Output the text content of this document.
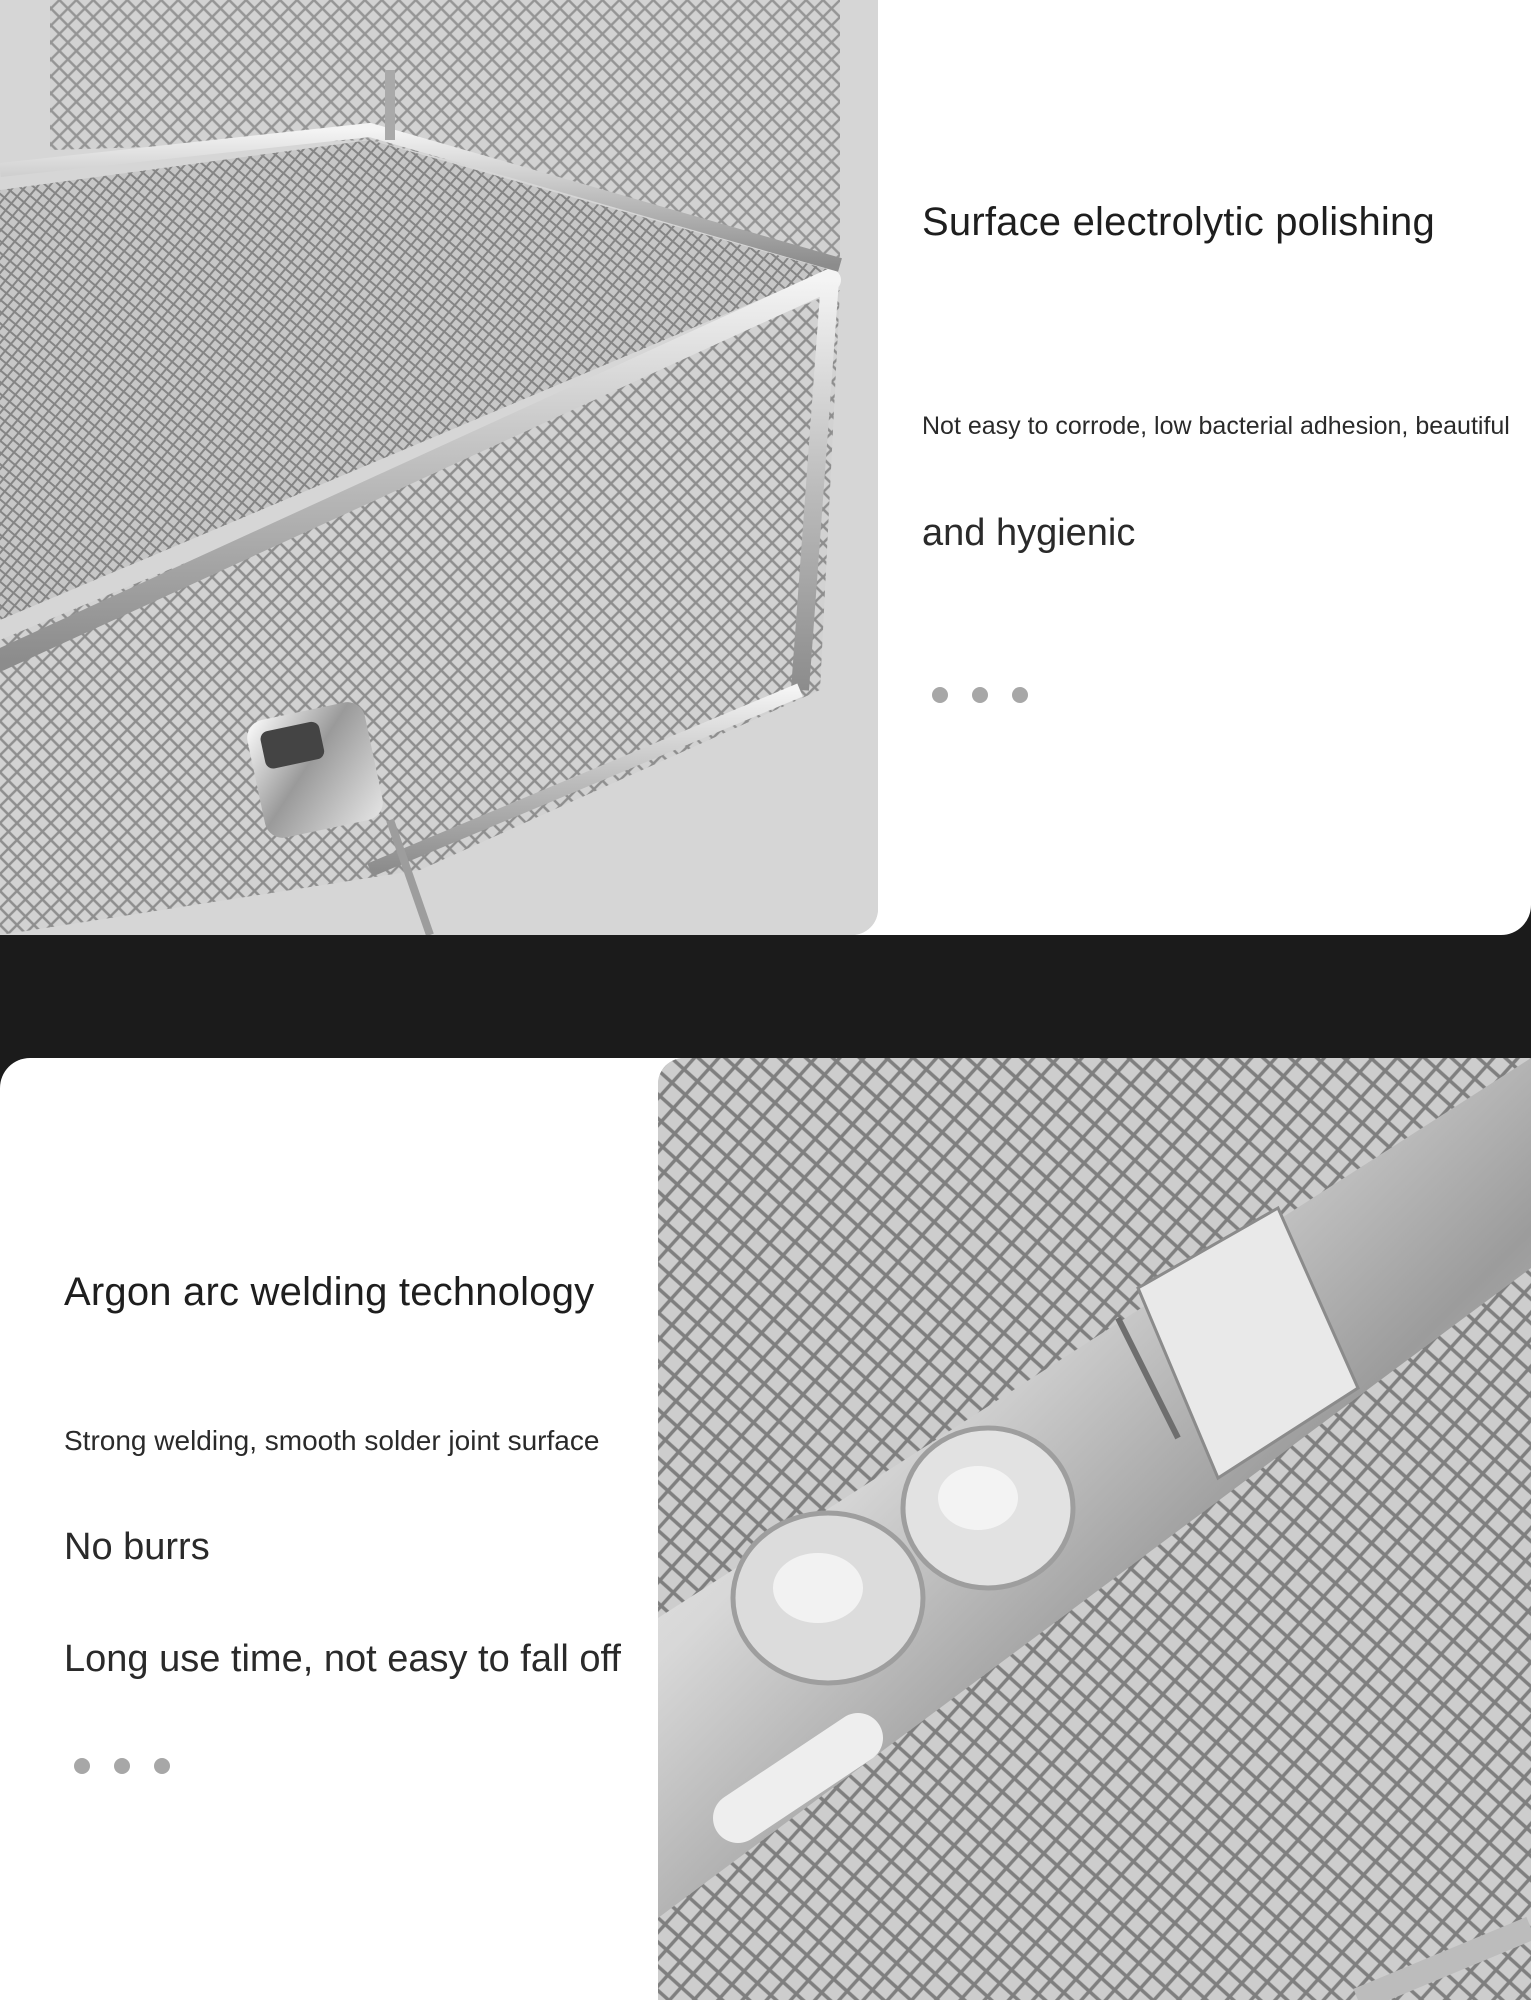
Surface electrolytic polishing
Not easy to corrode, low bacterial adhesion, beautiful
and hygienic
Argon arc welding technology
Strong welding, smooth solder joint surface
No burrs
Long use time, not easy to fall off
